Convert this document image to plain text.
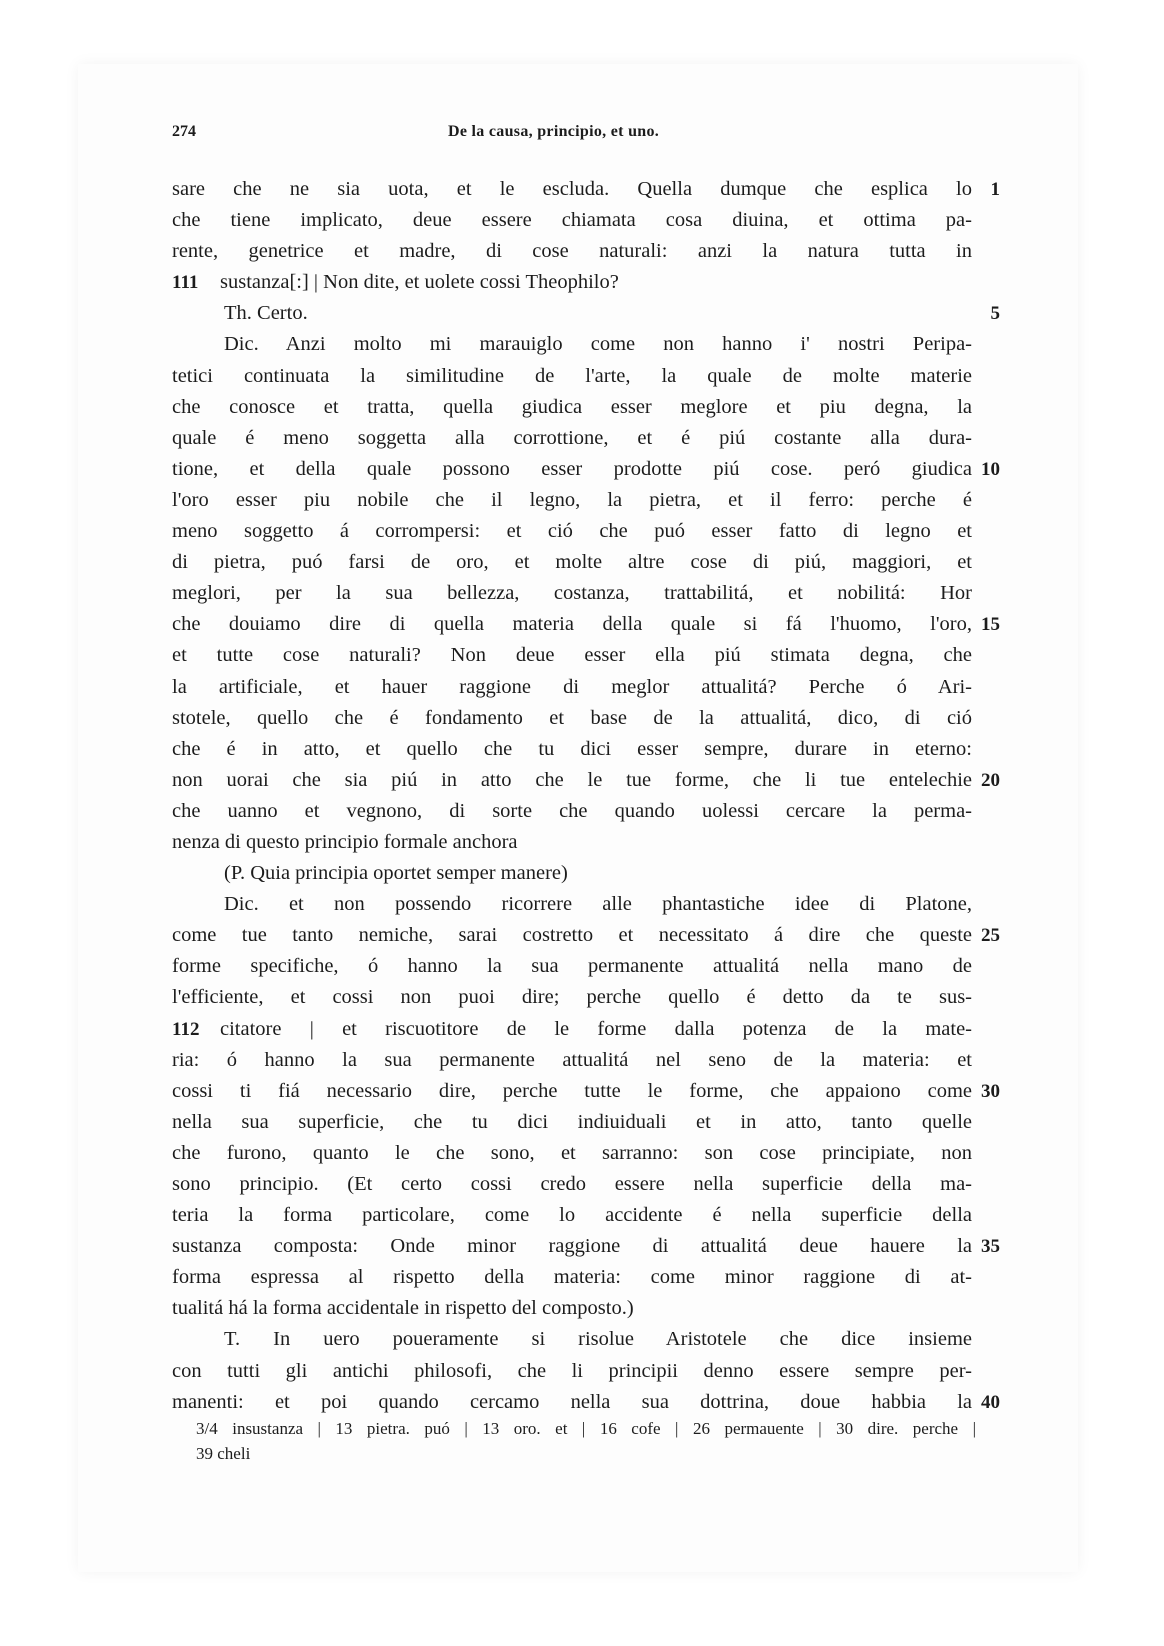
274	De la causa, principio, et uno.
sare che ne sia uota, et le escluda. Quella dumque che esplica lo 1
che tiene implicato, deue essere chiamata cosa diuina, et ottima pa-
rente, genetrice et madre, di cose naturali: anzi la natura tutta in
111 sustanza[:] | Non dite, et uolete cossi Theophilo?
Th. Certo.	5
Dic. Anzi molto mi marauiglo come non hanno i' nostri Peripa-
tetici continuata la similitudine de l'arte, la quale de molte materie
che conosce et tratta, quella giudica esser meglore et piu degna, la
quale é meno soggetta alla corrottione, et é piú costante alla dura-
tione, et della quale possono esser prodotte piú cose. peró giudica 10
l'oro esser piu nobile che il legno, la pietra, et il ferro: perche é
meno soggetto á corrompersi: et ció che puó esser fatto di legno et
di pietra, puó farsi de oro, et molte altre cose di piú, maggiori, et
meglori, per la sua bellezza, costanza, trattabilitá, et nobilitá: Hor
che douiamo dire di quella materia della quale si fá l'huomo, l'oro, 15
et tutte cose naturali? Non deue esser ella piú stimata degna, che
la artificiale, et hauer raggione di meglor attualitá? Perche ó Ari-
stotele, quello che é fondamento et base de la attualitá, dico, di ció
che é in atto, et quello che tu dici esser sempre, durare in eterno:
non uorai che sia piú in atto che le tue forme, che li tue entelechie 20
che uanno et vegnono, di sorte che quando uolessi cercare la perma-
nenza di questo principio formale anchora
(P. Quia principia oportet semper manere)
Dic. et non possendo ricorrere alle phantastiche idee di Platone,
come tue tanto nemiche, sarai costretto et necessitato á dire che queste 25
forme specifiche, ó hanno la sua permanente attualitá nella mano de
l'efficiente, et cossi non puoi dire; perche quello é detto da te sus-
112 citatore | et riscuotitore de le forme dalla potenza de la mate-
ria: ó hanno la sua permanente attualitá nel seno de la materia: et
cossi ti fiá necessario dire, perche tutte le forme, che appaiono come 30
nella sua superficie, che tu dici indiuiduali et in atto, tanto quelle
che furono, quanto le che sono, et sarranno: son cose principiate, non
sono principio. (Et certo cossi credo essere nella superficie della ma-
teria la forma particolare, come lo accidente é nella superficie della
sustanza composta: Onde minor raggione di attualitá deue hauere la 35
forma espressa al rispetto della materia: come minor raggione di at-
tualitá há la forma accidentale in rispetto del composto.)
T. In uero poueramente si risolue Aristotele che dice insieme
con tutti gli antichi philosofi, che li principii denno essere sempre per-
manenti: et poi quando cercamo nella sua dottrina, doue habbia la 40
3/4 insustanza | 13 pietra. puó | 13 oro. et | 16 cofe | 26 permauente | 30 dire. perche |
39 cheli
